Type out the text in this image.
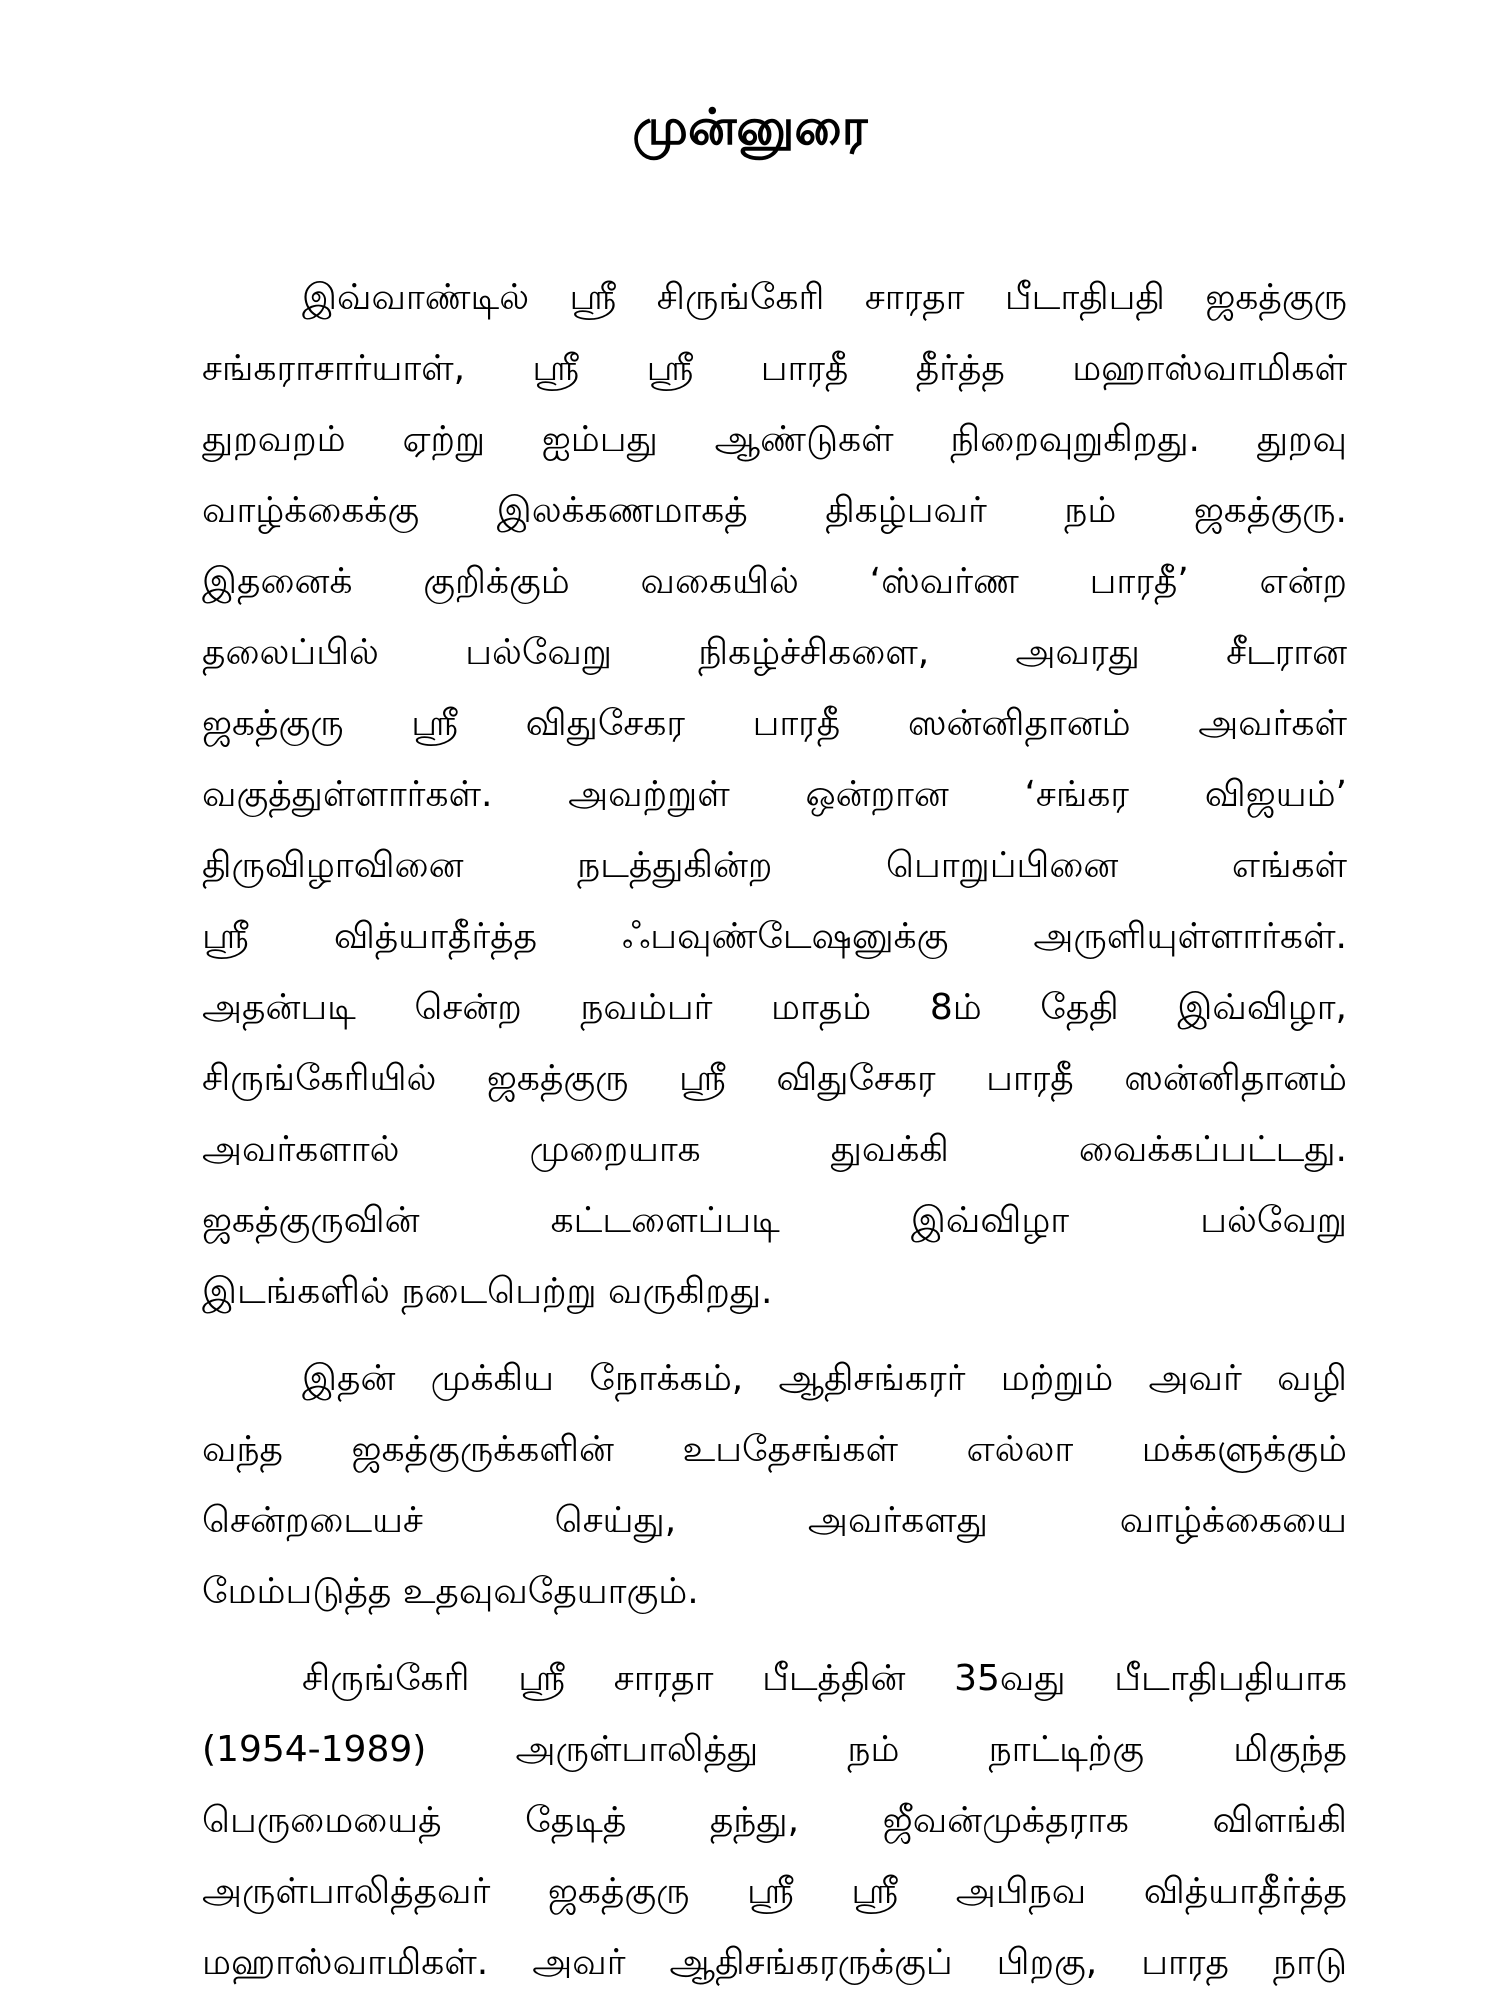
முன்னுரை
இவ்வாண்டில் ஸ்ரீ சிருங்கேரி சாரதா பீடாதிபதி ஜகத்குரு
சங்கராசார்யாள், ஸ்ரீ ஸ்ரீ பாரதீ தீர்த்த மஹாஸ்வாமிகள்
துறவறம் ஏற்று ஐம்பது ஆண்டுகள் நிறைவுறுகிறது. துறவு
வாழ்க்கைக்கு இலக்கணமாகத் திகழ்பவர் நம் ஜகத்குரு.
இதனைக் குறிக்கும் வகையில் ‘ஸ்வர்ண பாரதீ’ என்ற
தலைப்பில் பல்வேறு நிகழ்ச்சிகளை, அவரது சீடரான
ஜகத்குரு ஸ்ரீ விதுசேகர பாரதீ ஸன்னிதானம் அவர்கள்
வகுத்துள்ளார்கள். அவற்றுள் ஒன்றான ‘சங்கர விஜயம்’
திருவிழாவினை நடத்துகின்ற பொறுப்பினை எங்கள்
ஸ்ரீ வித்யாதீர்த்த ஃபவுண்டேஷனுக்கு அருளியுள்ளார்கள்.
அதன்படி சென்ற நவம்பர் மாதம் 8ம் தேதி இவ்விழா,
சிருங்கேரியில் ஜகத்குரு ஸ்ரீ விதுசேகர பாரதீ ஸன்னிதானம்
அவர்களால் முறையாக துவக்கி வைக்கப்பட்டது.
ஜகத்குருவின் கட்டளைப்படி இவ்விழா பல்வேறு
இடங்களில் நடைபெற்று வருகிறது.
இதன் முக்கிய நோக்கம், ஆதிசங்கரர் மற்றும் அவர் வழி
வந்த ஜகத்குருக்களின் உபதேசங்கள் எல்லா மக்களுக்கும்
சென்றடையச் செய்து, அவர்களது வாழ்க்கையை
மேம்படுத்த உதவுவதேயாகும்.
சிருங்கேரி ஸ்ரீ சாரதா பீடத்தின் 35வது பீடாதிபதியாக
(1954-1989) அருள்பாலித்து நம் நாட்டிற்கு மிகுந்த
பெருமையைத் தேடித் தந்து, ஜீவன்முக்தராக விளங்கி
அருள்பாலித்தவர் ஜகத்குரு ஸ்ரீ ஸ்ரீ அபிநவ வித்யாதீர்த்த
மஹாஸ்வாமிகள். அவர் ஆதிசங்கரருக்குப் பிறகு, பாரத நாடு
